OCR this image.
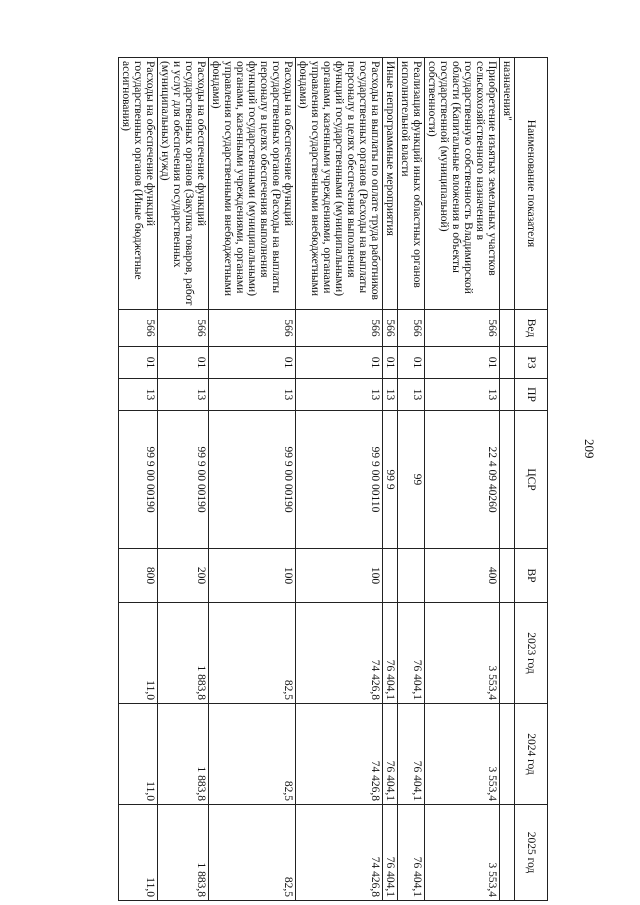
209
Наименование показателя	Вед	РЗ	ПР	ЦСР	ВР	2023 год	2024 год	2025 год
назначения"								
Приобретение изъятых земельных участков сельскохозяйственного назначения в государственную собственность Владимирской области (Капитальные вложения в объекты государственной (муниципальной) собственности)	566	01	13	22 4 09 40260	400	3 553,4	3 553,4	3 553,4
Реализация функций иных областных органов исполнительной власти	566	01	13	99		76 404,1	76 404,1	76 404,1
Иные непрограммные мероприятия	566	01	13	99 9		76 404,1	76 404,1	76 404,1
Расходы на выплаты по оплате труда работников государственных органов (Расходы на выплаты персоналу в целях обеспечения выполнения функций государственными (муниципальными) органами, казенными учреждениями, органами управления государственными внебюджетными фондами)	566	01	13	99 9 00 00110	100	74 426,8	74 426,8	74 426,8
Расходы на обеспечение функций государственных органов (Расходы на выплаты персоналу в целях обеспечения выполнения функций государственными (муниципальными) органами, казенными учреждениями, органами управления государственными внебюджетными фондами)	566	01	13	99 9 00 00190	100	82,5	82,5	82,5
Расходы на обеспечение функций государственных органов (Закупка товаров, работ и услуг для обеспечения государственных (муниципальных) нужд)	566	01	13	99 9 00 00190	200	1 883,8	1 883,8	1 883,8
Расходы на обеспечение функций государственных органов (Иные бюджетные ассигнования)	566	01	13	99 9 00 00190	800	11,0	11,0	11,0
